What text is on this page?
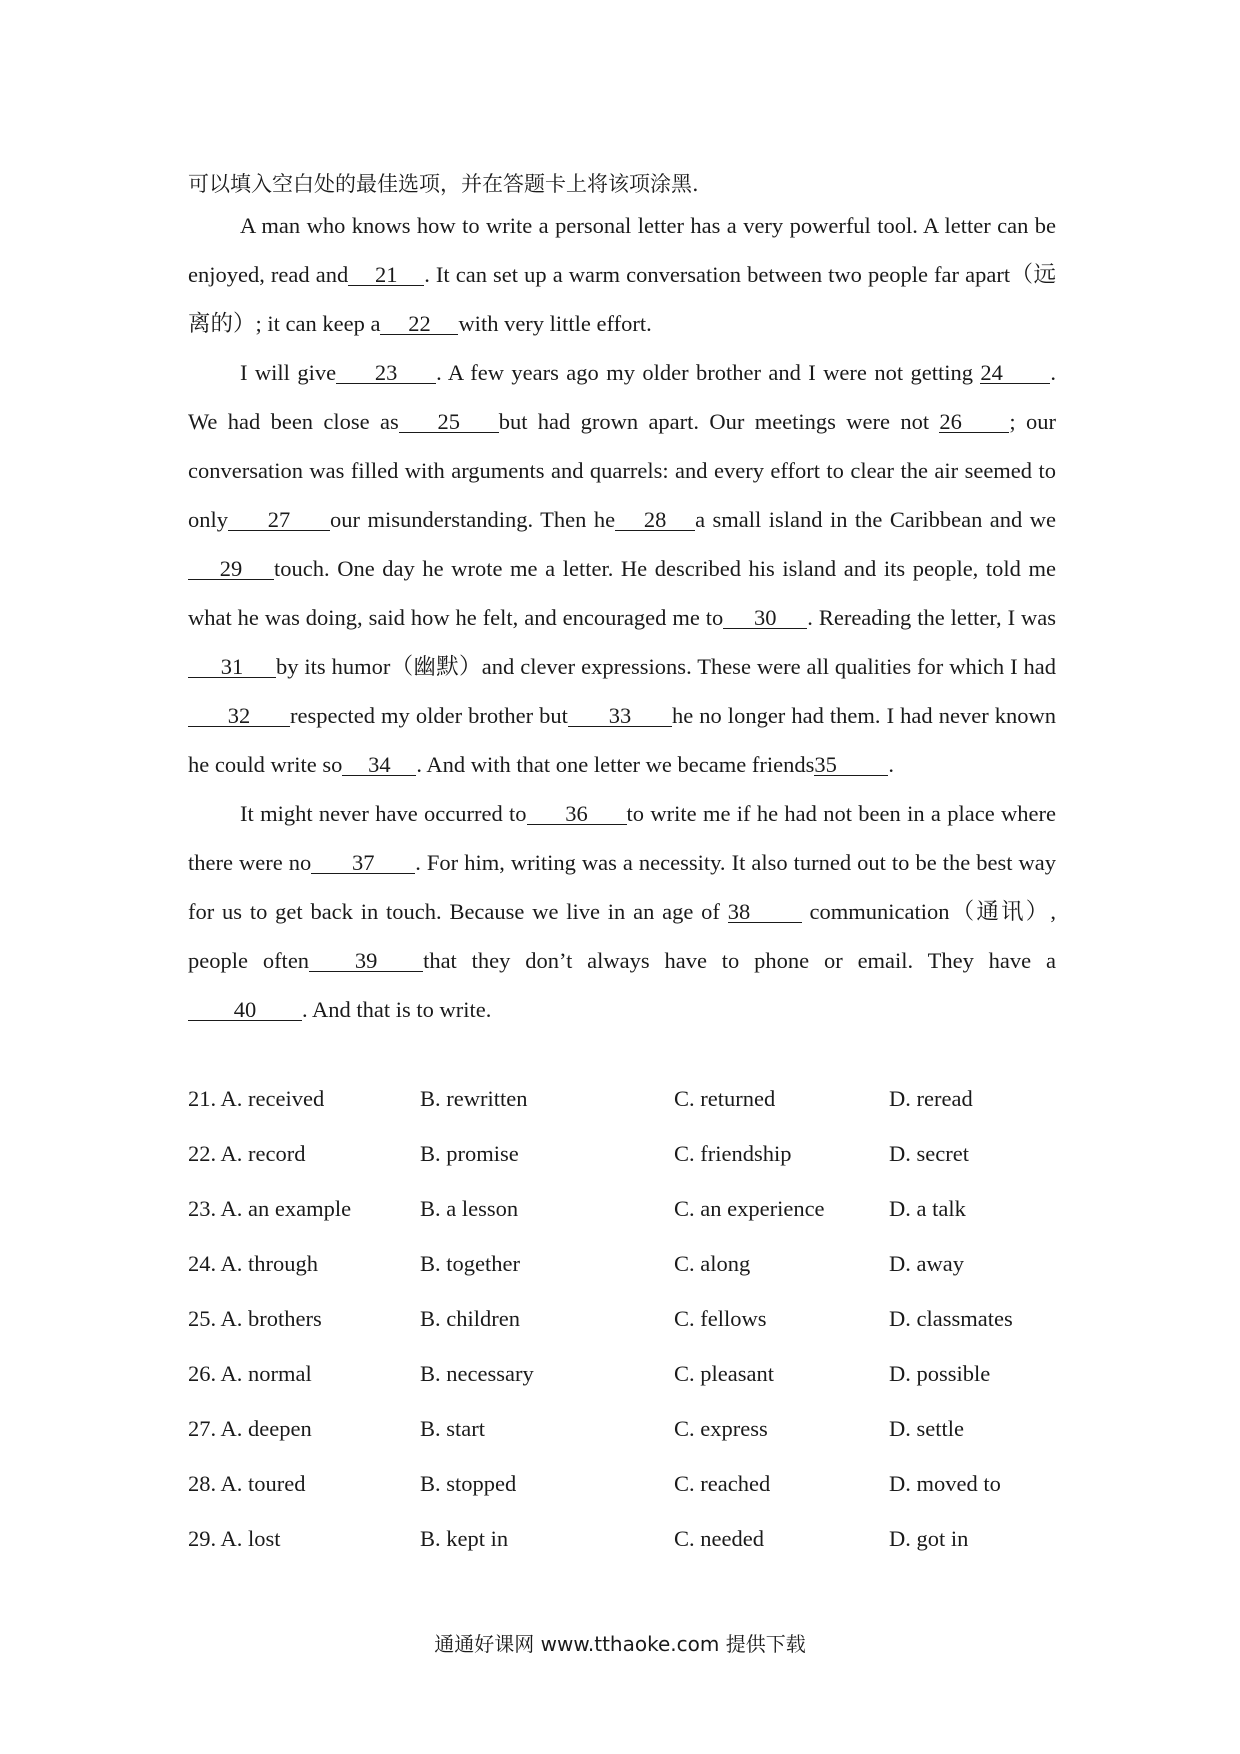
可以填入空白处的最佳选项，并在答题卡上将该项涂黑.

A man who knows how to write a personal letter has a very powerful tool. A letter can be enjoyed, read and 21 . It can set up a warm conversation between two people far apart（远离的）; it can keep a 22 with very little effort.

I will give 23 . A few years ago my older brother and I were not getting 24 . We had been close as 25 but had grown apart. Our meetings were not 26 ; our conversation was filled with arguments and quarrels: and every effort to clear the air seemed to only 27 our misunderstanding. Then he 28 a small island in the Caribbean and we29 touch. One day he wrote me a letter. He described his island and its people, told me what he was doing, said how he felt, and encouraged me to 30 . Rereading the letter, I was31 by its humor（幽默）and clever expressions. These were all qualities for which I had32 respected my older brother but 33 he no longer had them. I had never known he could write so 34 . And with that one letter we became friends35 .

It might never have occurred to 36 to write me if he had not been in a place where there were no 37 . For him, writing was a necessity. It also turned out to be the best way for us to get back in touch. Because we live in an age of 38	communication（通讯）, people often 39 that they don’t always have to phone or email. They have a40 . And that is to write.

21. A. received	B. rewritten	C. returned	D. reread
22. A. record	B. promise	C. friendship	D. secret
23. A. an example	B. a lesson	C. an experience	D. a talk
24. A. through	B. together	C. along	D. away
25. A. brothers	B. children	C. fellows	D. classmates
26. A. normal	B. necessary	C. pleasant	D. possible
27. A. deepen	B. start	C. express	D. settle
28. A. toured	B. stopped	C. reached	D. moved to
29. A. lost	B. kept in	C. needed	D. got in
通通好课网 www.tthaoke.com 提供下载
